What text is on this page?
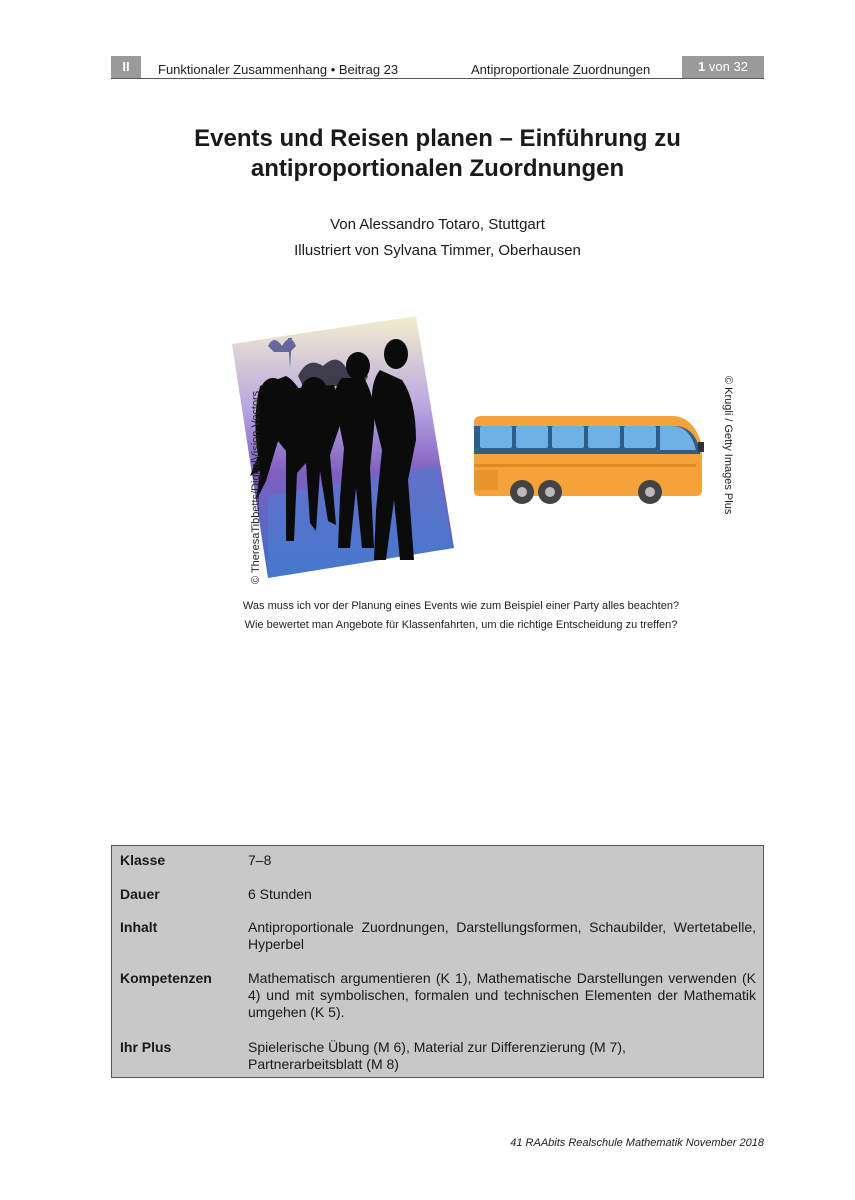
II	Funktionaler Zusammenhang • Beitrag 23	Antiproportionale Zuordnungen	1 von 32
Events und Reisen planen – Einführung zu
antiproportionalen Zuordnungen
Von Alessandro Totaro, Stuttgart
Illustriert von Sylvana Timmer, Oberhausen
© TheresaTibbetts/DigitalVision Vectors	© Krugli / Getty Images Plus
Was muss ich vor der Planung eines Events wie zum Beispiel einer Party alles beachten?
Wie bewertet man Angebote für Klassenfahrten, um die richtige Entscheidung zu treffen?
Klasse	7–8
Dauer	6 Stunden
Inhalt	Antiproportionale Zuordnungen, Darstellungsformen, Schaubilder, Wertetabelle, Hyperbel
Kompetenzen	Mathematisch argumentieren (K 1), Mathematische Darstellungen verwenden (K 4) und mit symbolischen, formalen und technischen Elementen der Mathematik umgehen (K 5).
Ihr Plus	Spielerische Übung (M 6), Material zur Differenzierung (M 7),
Partnerarbeitsblatt (M 8)
41 RAAbits Realschule Mathematik November 2018
